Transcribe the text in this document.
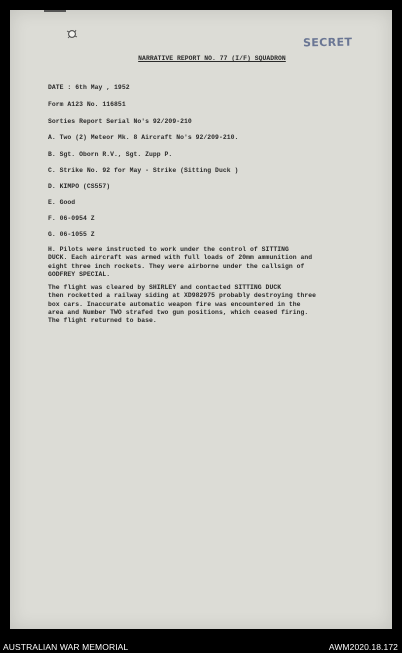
SECRET
NARRATIVE REPORT NO. 77 (I/F) SQUADRON
DATE : 6th May , 1952
Form A123 No. 116851
Sorties Report Serial No's 92/209-210
A. Two (2) Meteor Mk. 8 Aircraft No's 92/209-210.
B. Sgt. Oborn R.V., Sgt. Zupp P.
C. Strike No. 92 for May - Strike (Sitting Duck )
D. KIMPO (CS557)
E. Good
F. 06-0954 Z
G. 06-1055 Z
H. Pilots were instructed to work under the control of SITTING
DUCK. Each aircraft was armed with full loads of 20mm ammunition and
eight three inch rockets. They were airborne under the callsign of
GODFREY SPECIAL.
The flight was cleared by SHIRLEY and contacted SITTING DUCK
then rocketted a railway siding at XD982975 probably destroying three
box cars. Inaccurate automatic weapon fire was encountered in the
area and Number TWO strafed two gun positions, which ceased firing.
The flight returned to base.
AUSTRALIAN WAR MEMORIAL	AWM2020.18.172
